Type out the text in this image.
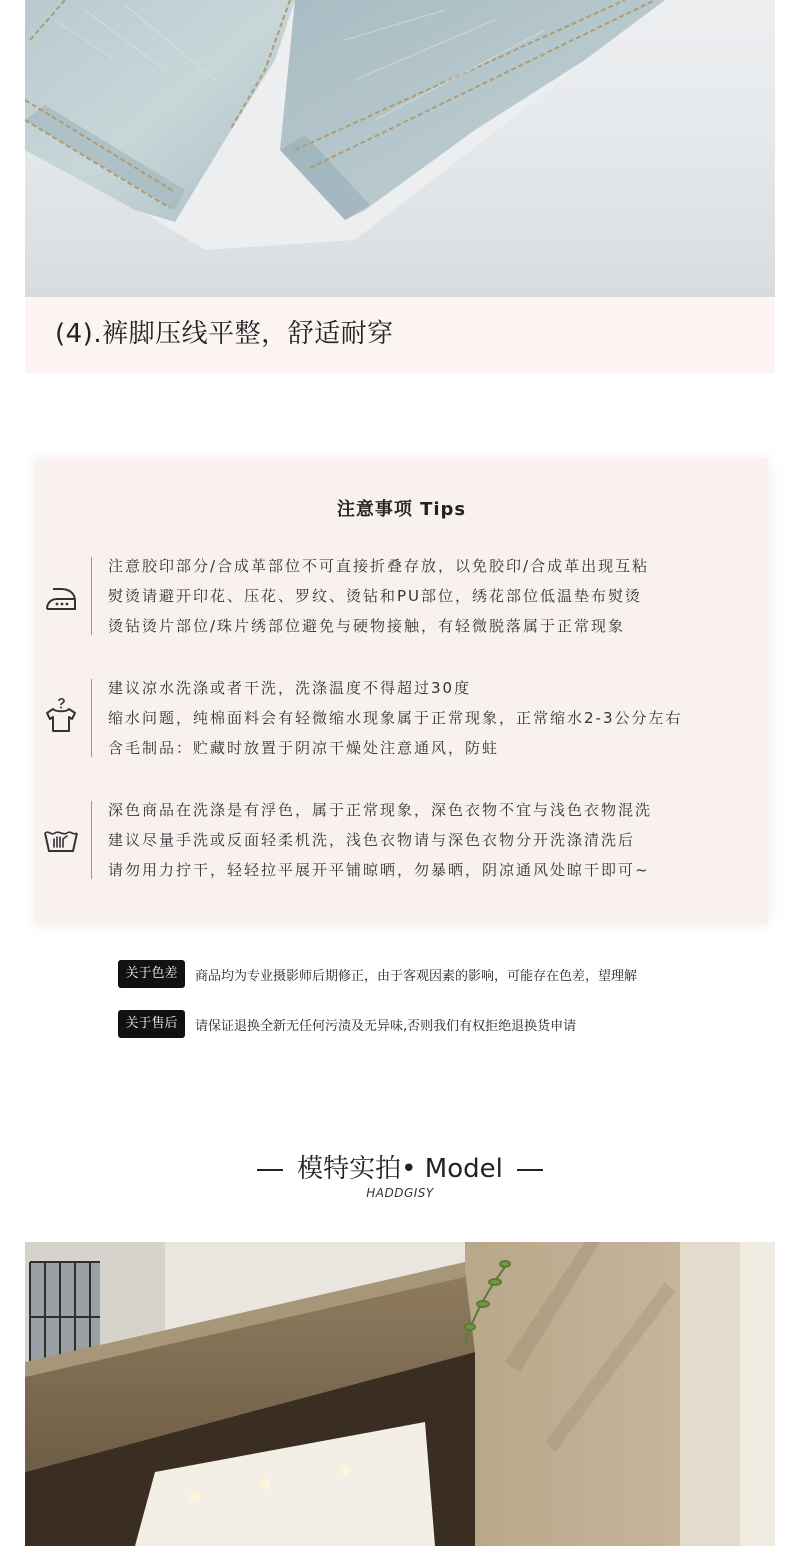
(4).裤脚压线平整，舒适耐穿
注意事项 Tips
注意胶印部分/合成革部位不可直接折叠存放，以免胶印/合成革出现互粘
熨烫请避开印花、压花、罗纹、烫钻和PU部位，绣花部位低温垫布熨烫
烫钻烫片部位/珠片绣部位避免与硬物接触，有轻微脱落属于正常现象
建议凉水洗涤或者干洗，洗涤温度不得超过30度
缩水问题，纯棉面料会有轻微缩水现象属于正常现象，正常缩水2-3公分左右
含毛制品：贮藏时放置于阴凉干燥处注意通风，防蛀
深色商品在洗涤是有浮色，属于正常现象，深色衣物不宜与浅色衣物混洗
建议尽量手洗或反面轻柔机洗，浅色衣物请与深色衣物分开洗涤清洗后
请勿用力拧干，轻轻拉平展开平铺晾晒，勿暴晒，阴凉通风处晾干即可~
关于色差	商品均为专业摄影师后期修正，由于客观因素的影响，可能存在色差，望理解
关于售后	请保证退换全新无任何污渍及无异味,否则我们有权拒绝退换货申请
模特实拍• Model
HADDGISY
